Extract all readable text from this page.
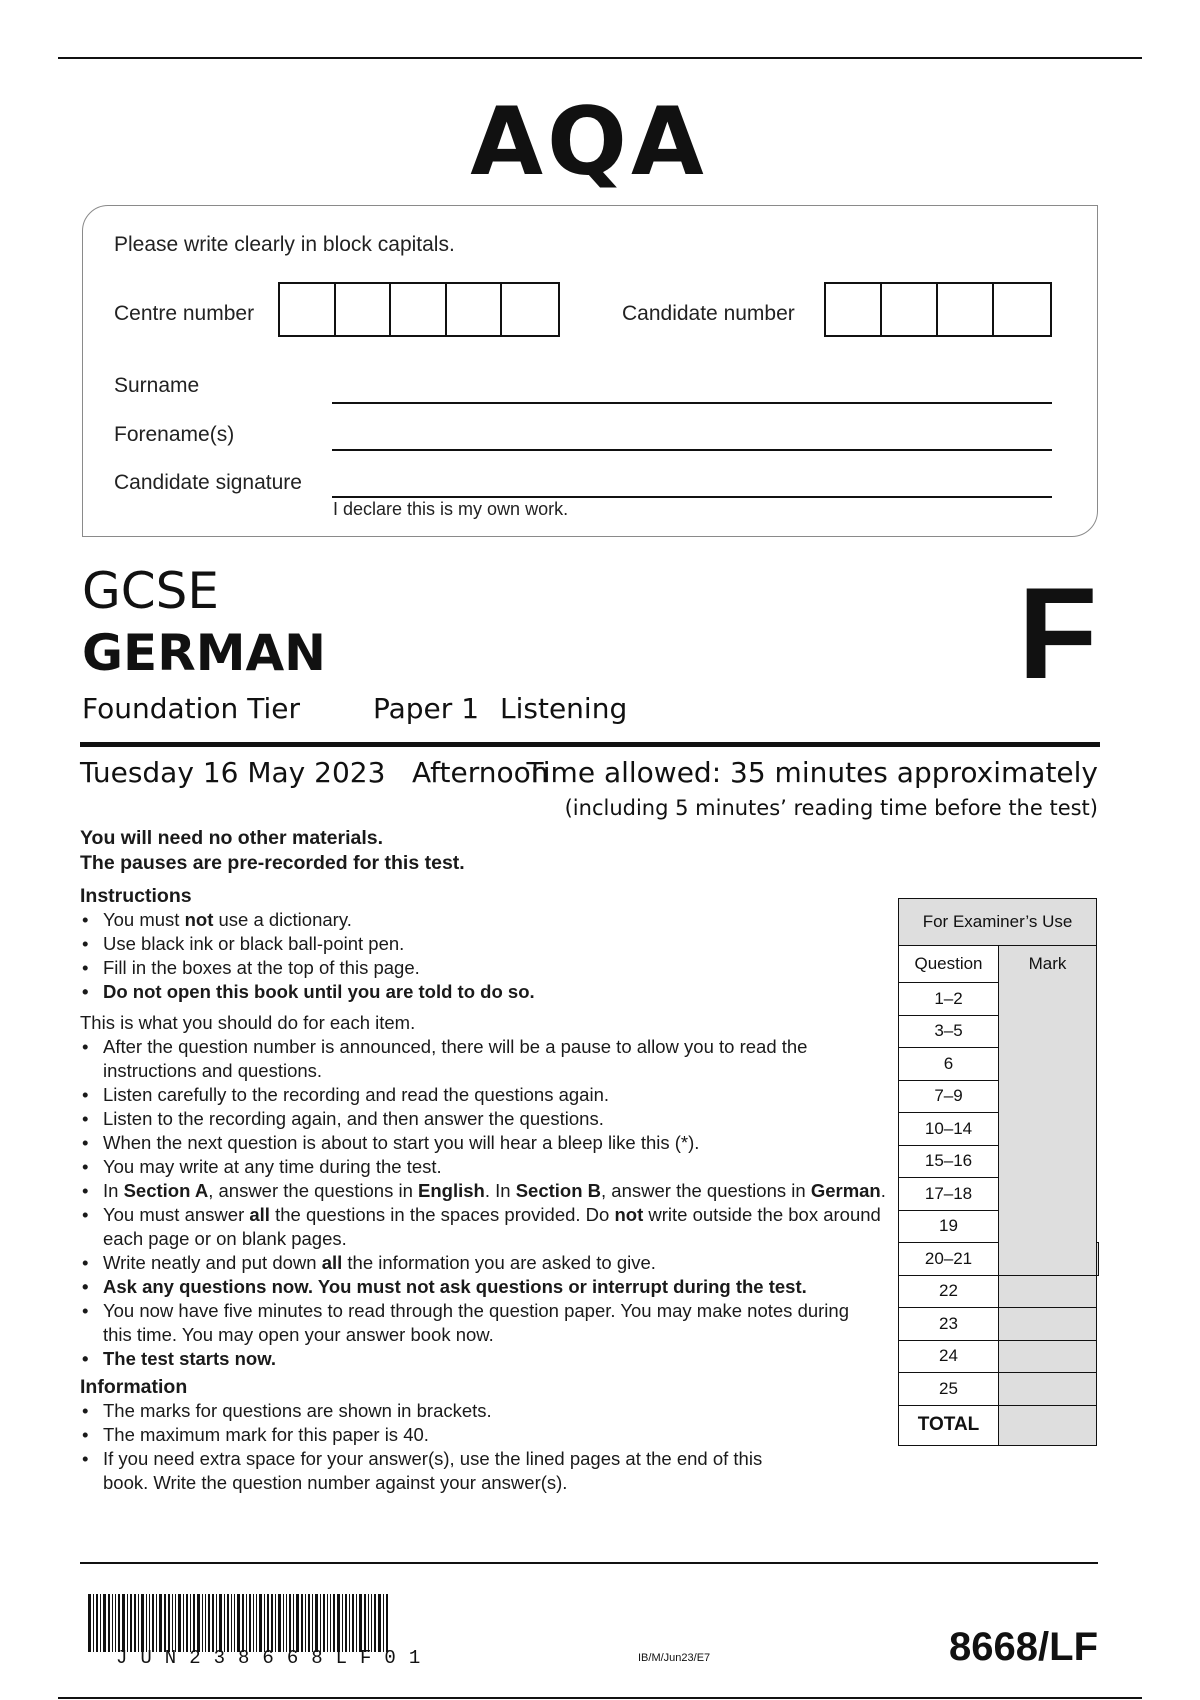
AQA
Please write clearly in block capitals.
Centre number	Candidate number
Surname
Forename(s)
Candidate signature
I declare this is my own work.
GCSE
GERMAN
Foundation Tier	Paper 1 Listening
F
Tuesday 16 May 2023 Afternoon
Time allowed: 35 minutes approximately
(including 5 minutes’ reading time before the test)
You will need no other materials.
The pauses are pre-recorded for this test.
Instructions
• You must not use a dictionary.
• Use black ink or black ball-point pen.
• Fill in the boxes at the top of this page.
• Do not open this book until you are told to do so.
This is what you should do for each item.
• After the question number is announced, there will be a pause to allow you to read the instructions and questions.
• Listen carefully to the recording and read the questions again.
• Listen to the recording again, and then answer the questions.
• When the next question is about to start you will hear a bleep like this (*).
• You may write at any time during the test.
• In Section A, answer the questions in English. In Section B, answer the questions in German.
• You must answer all the questions in the spaces provided. Do not write outside the box around each page or on blank pages.
• Write neatly and put down all the information you are asked to give.
• Ask any questions now. You must not ask questions or interrupt during the test.
• You now have five minutes to read through the question paper. You may make notes during this time. You may open your answer book now.
• The test starts now.
Information
• The marks for questions are shown in brackets.
• The maximum mark for this paper is 40.
• If you need extra space for your answer(s), use the lined pages at the end of this book. Write the question number against your answer(s).
For Examiner’s Use		
Question	Mark	
1–2		
3–5		
6		
7–9		
10–14		
15–16		
17–18		
19		
20–21		
22		
23		
24		
25		
TOTAL		
JUN238668LF01	IB/M/Jun23/E7	8668/LF
